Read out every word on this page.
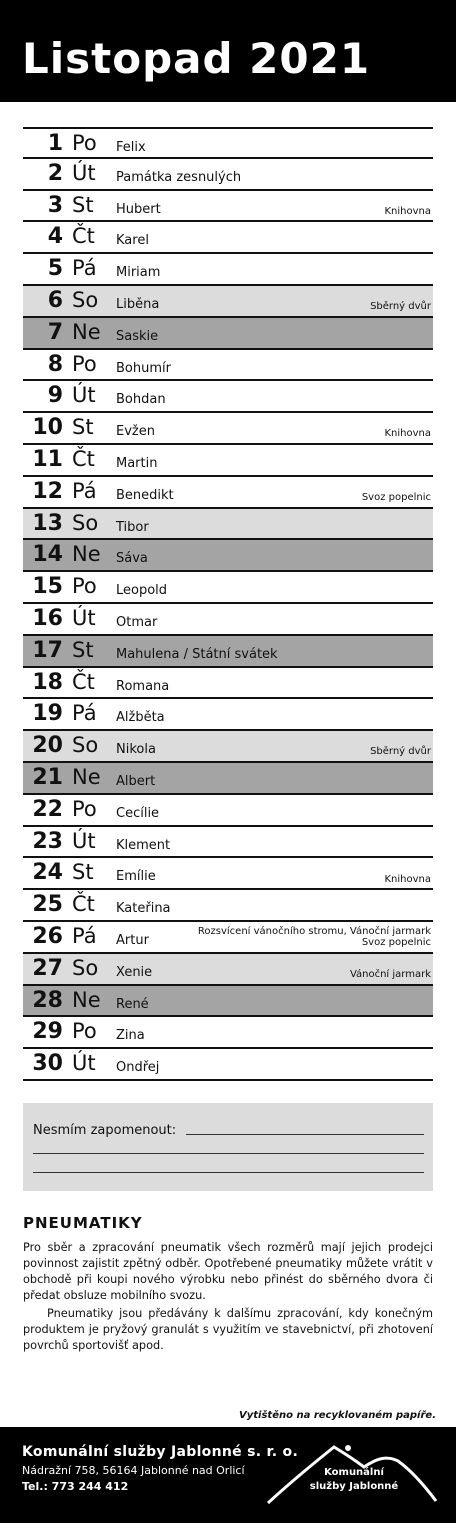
Listopad 2021
1 Po Felix
2 Út Památka zesnulých
3 St Hubert	Knihovna
4 Čt Karel
5 Pá Miriam
6 So Liběna	Sběrný dvůr
7 Ne Saskie
8 Po Bohumír
9 Út Bohdan
10 St Evžen	Knihovna
11 Čt Martin
12 Pá Benedikt	Svoz popelnic
13 So Tibor
14 Ne Sáva
15 Po Leopold
16 Út Otmar
17 St Mahulena / Státní svátek
18 Čt Romana
19 Pá Alžběta
20 So Nikola	Sběrný dvůr
21 Ne Albert
22 Po Cecílie
23 Út Klement
24 St Emílie	Knihovna
25 Čt Kateřina
26 Pá Artur
Rozsvícení vánočního stromu, Vánoční jarmark
Svoz popelnic
27 So Xenie	Vánoční jarmark
28 Ne René
29 Po Zina
30 Út Ondřej
Nesmím zapomenout:
PNEUMATIKY
Pro sběr a zpracování pneumatik všech rozměrů mají jejich prodejci povinnost zajistit zpětný odběr. Opotřebené pneumatiky můžete vrátit v obchodě při koupi nového výrobku nebo přinést do sběrného dvora či předat obsluze mobilního svozu.
Pneumatiky jsou předávány k dalšímu zpracování, kdy konečným produktem je pryžový granulát s využitím ve stavebnictví, při zhotovení povrchů sportovišť apod.
Vytištěno na recyklovaném papíře.
Komunální služby Jablonné s. r. o.
Nádražní 758, 56164 Jablonné nad Orlicí
Tel.: 773 244 412
Komunální
služby Jablonné
